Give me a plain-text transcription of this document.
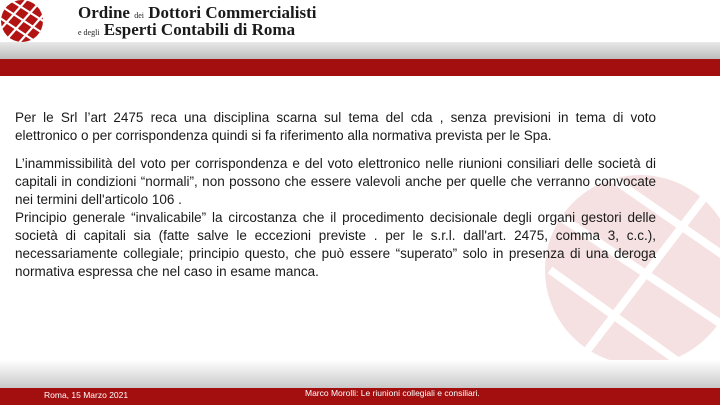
Ordine dei Dottori Commercialisti
e degli Esperti Contabili di Roma

Per le Srl l’art 2475 reca una disciplina scarna sul tema del cda , senza previsioni in tema di voto elettronico o per corrispondenza quindi si fa riferimento alla normativa prevista per le Spa.

L’inammissibilità del voto per corrispondenza e del voto elettronico nelle riunioni consiliari delle società di capitali in condizioni “normali”, non possono che essere valevoli anche per quelle che verranno convocate nei termini dell'articolo 106 .

Principio generale “invalicabile” la circostanza che il procedimento decisionale degli organi gestori delle società di capitali sia (fatte salve le eccezioni previste . per le s.r.l. dall'art. 2475, comma 3, c.c.), necessariamente collegiale; principio questo, che può essere “superato” solo in presenza di una deroga normativa espressa che nel caso in esame manca.

Roma, 15 Marzo 2021	Marco Morolli: Le riunioni collegiali e consiliari.
